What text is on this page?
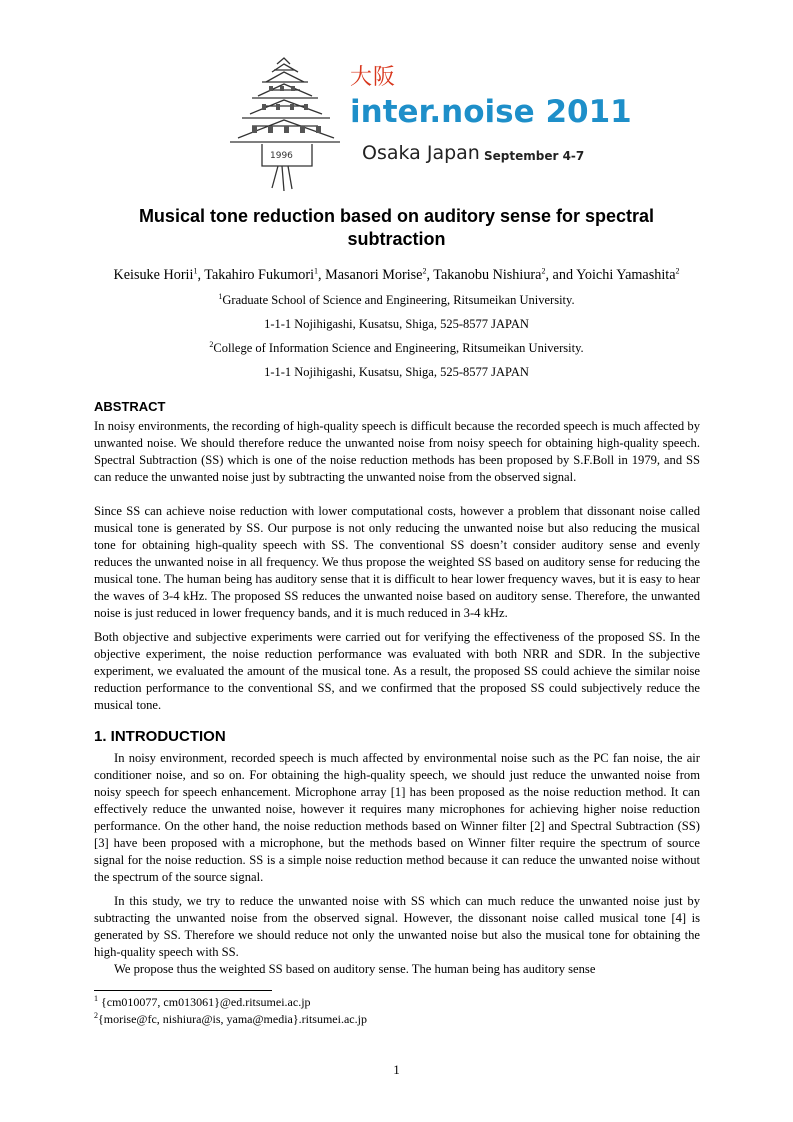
1996
大阪
inter.noise 2011
Osaka Japan September 4-7
Musical tone reduction based on auditory sense for spectral
subtraction
Keisuke Horii$^1$, Takahiro Fukumori$^1$, Masanori Morise$^2$, Takanobu Nishiura$^2$, and Yoichi Yamashita$^2$
$^1$Graduate School of Science and Engineering, Ritsumeikan University.
1-1-1 Nojihigashi, Kusatsu, Shiga, 525-8577 JAPAN
$^2$College of Information Science and Engineering, Ritsumeikan University.
1-1-1 Nojihigashi, Kusatsu, Shiga, 525-8577 JAPAN
ABSTRACT

In noisy environments, the recording of high-quality speech is difficult because the recorded speech is much affected by unwanted noise. We should therefore reduce the unwanted noise from noisy speech for obtaining high-quality speech. Spectral Subtraction (SS) which is one of the noise reduction methods has been proposed by S.F.Boll in 1979, and SS can reduce the unwanted noise just by subtracting the unwanted noise from the observed signal.

Since SS can achieve noise reduction with lower computational costs, however a problem that dissonant noise called musical tone is generated by SS. Our purpose is not only reducing the unwanted noise but also reducing the musical tone for obtaining high-quality speech with SS. The conventional SS doesn’t consider auditory sense and evenly reduces the unwanted noise in all frequency. We thus propose the weighted SS based on auditory sense for reducing the musical tone. The human being has auditory sense that it is difficult to hear lower frequency waves, but it is easy to hear the waves of 3-4 kHz. The proposed SS reduces the unwanted noise based on auditory sense. Therefore, the unwanted noise is just reduced in lower frequency bands, and it is much reduced in 3-4 kHz.

Both objective and subjective experiments were carried out for verifying the effectiveness of the proposed SS. In the objective experiment, the noise reduction performance was evaluated with both NRR and SDR. In the subjective experiment, we evaluated the amount of the musical tone. As a result, the proposed SS could achieve the similar noise reduction performance to the conventional SS, and we confirmed that the proposed SS could subjectively reduce the musical tone.

1. INTRODUCTION

In noisy environment, recorded speech is much affected by environmental noise such as the PC fan noise, the air conditioner noise, and so on. For obtaining the high-quality speech, we should just reduce the unwanted noise from noisy speech for speech enhancement. Microphone array [1] has been proposed as the noise reduction method. It can effectively reduce the unwanted noise, however it requires many microphones for achieving higher noise reduction performance. On the other hand, the noise reduction methods based on Winner filter [2] and Spectral Subtraction (SS) [3] have been proposed with a microphone, but the methods based on Winner filter require the spectrum of source signal for the noise reduction. SS is a simple noise reduction method because it can reduce the unwanted noise without the spectrum of the source signal.

In this study, we try to reduce the unwanted noise with SS which can much reduce the unwanted noise just by subtracting the unwanted noise from the observed signal. However, the dissonant noise called musical tone [4] is generated by SS. Therefore we should reduce not only the unwanted noise but also the musical tone for obtaining the high-quality speech with SS.

We propose thus the weighted SS based on auditory sense. The human being has auditory sense

$^1$ {cm010077, cm013061}@ed.ritsumei.ac.jp
$^2${morise@fc, nishiura@is, yama@media}.ritsumei.ac.jp
1
